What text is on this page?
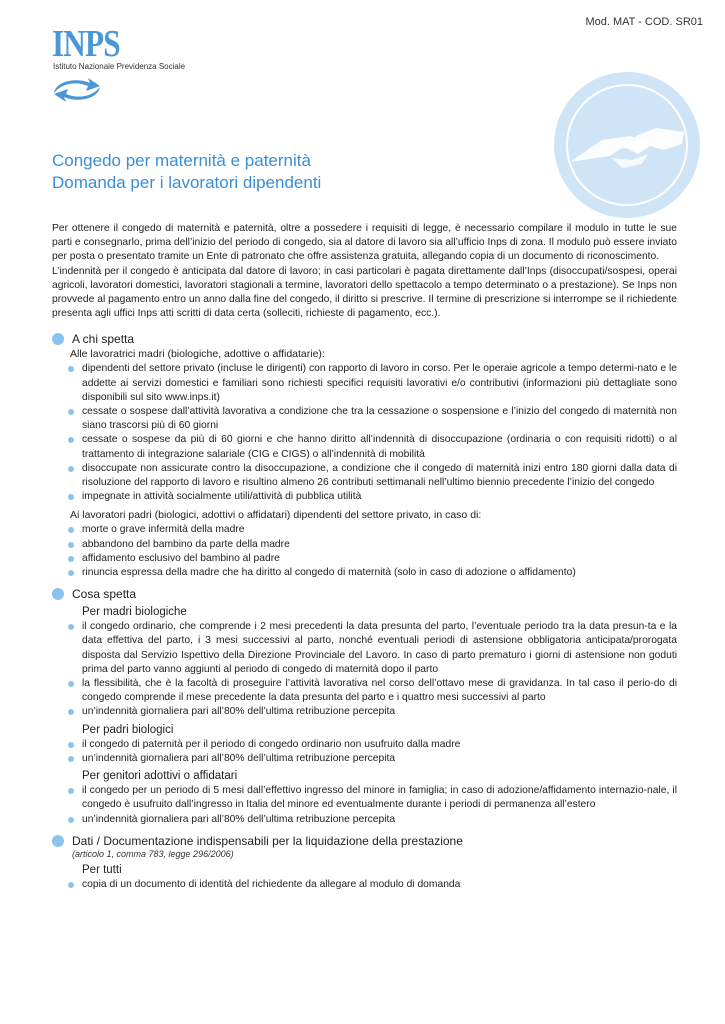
INPS
Istituto Nazionale Previdenza Sociale
Mod. MAT - COD. SR01
Congedo per maternità e paternità
Domanda per i lavoratori dipendenti

Per ottenere il congedo di maternità e paternità, oltre a possedere i requisiti di legge, è necessario compilare il modulo in tutte le sue parti e consegnarlo, prima dell’inizio del periodo di congedo, sia al datore di lavoro sia all’ufficio Inps di zona. Il modulo può essere inviato per posta o presentato tramite un Ente di patronato che offre assistenza gratuita, allegando copia di un documento di riconoscimento.

L’indennità per il congedo è anticipata dal datore di lavoro; in casi particolari è pagata direttamente dall’Inps (disoccupati/sospesi, operai agricoli, lavoratori domestici, lavoratori stagionali a termine, lavoratori dello spettacolo a tempo determinato o a prestazione). Se Inps non provvede al pagamento entro un anno dalla fine del congedo, il diritto si prescrive. Il termine di prescrizione si interrompe se il richiedente presenta agli uffici Inps atti scritti di data certa (solleciti, richieste di pagamento, ecc.).

A chi spetta
Alle lavoratrici madri (biologiche, adottive o affidatarie):
dipendenti del settore privato (incluse le dirigenti) con rapporto di lavoro in corso. Per le operaie agricole a tempo determi-nato e le addette ai servizi domestici e familiari sono richiesti specifici requisiti lavorativi e/o contributivi (informazioni più dettagliate sono disponibili sul sito www.inps.it)
cessate o sospese dall’attività lavorativa a condizione che tra la cessazione o sospensione e l’inizio del congedo di maternità non siano trascorsi più di 60 giorni
cessate o sospese da più di 60 giorni e che hanno diritto all’indennità di disoccupazione (ordinaria o con requisiti ridotti) o al trattamento di integrazione salariale (CIG e CIGS) o all’indennità di mobilità
disoccupate non assicurate contro la disoccupazione, a condizione che il congedo di maternità inizi entro 180 giorni dalla data di risoluzione del rapporto di lavoro e risultino almeno 26 contributi settimanali nell’ultimo biennio precedente l’inizio del congedo
impegnate in attività socialmente utili/attività di pubblica utilità
Ai lavoratori padri (biologici, adottivi o affidatari) dipendenti del settore privato, in caso di:
morte o grave infermità della madre
abbandono del bambino da parte della madre
affidamento esclusivo del bambino al padre
rinuncia espressa della madre che ha diritto al congedo di maternità (solo in caso di adozione o affidamento)
Cosa spetta
Per madri biologiche
il congedo ordinario, che comprende i 2 mesi precedenti la data presunta del parto, l’eventuale periodo tra la data presun-ta e la data effettiva del parto, i 3 mesi successivi al parto, nonché eventuali periodi di astensione obbligatoria anticipata/prorogata disposta dal Servizio Ispettivo della Direzione Provinciale del Lavoro. In caso di parto prematuro i giorni di astensione non goduti prima del parto vanno aggiunti al periodo di congedo di maternità dopo il parto
la flessibilità, che è la facoltà di proseguire l’attività lavorativa nel corso dell’ottavo mese di gravidanza. In tal caso il perio-do di congedo comprende il mese precedente la data presunta del parto e i quattro mesi successivi al parto
un’indennità giornaliera pari all’80% dell’ultima retribuzione percepita
Per padri biologici
il congedo di paternità per il periodo di congedo ordinario non usufruito dalla madre
un’indennità giornaliera pari all’80% dell’ultima retribuzione percepita
Per genitori adottivi o affidatari
il congedo per un periodo di 5 mesi dall’effettivo ingresso del minore in famiglia; in caso di adozione/affidamento internazio-nale, il congedo è usufruito dall’ingresso in Italia del minore ed eventualmente durante i periodi di permanenza all’estero
un’indennità giornaliera pari all’80% dell’ultima retribuzione percepita
Dati / Documentazione indispensabili per la liquidazione della prestazione
(articolo 1, comma 783, legge 296/2006)
Per tutti
copia di un documento di identità del richiedente da allegare al modulo di domanda
